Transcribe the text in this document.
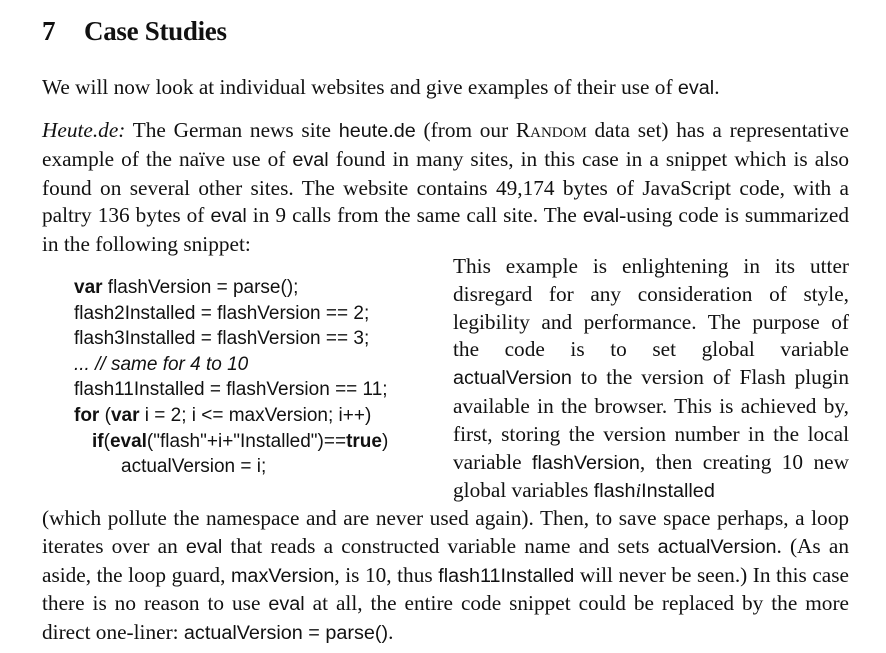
7 Case Studies

We will now look at individual websites and give examples of their use of eval.

Heute.de: The German news site heute.de (from our Random data set) has a representative example of the naïve use of eval found in many sites, in this case in a snippet which is also found on several other sites. The website contains 49,174 bytes of JavaScript code, with a paltry 136 bytes of eval in 9 calls from the same call site. The eval-using code is summarized in the following snippet:

var flashVersion = parse();
flash2Installed = flashVersion == 2;
flash3Installed = flashVersion == 3;
... // same for 4 to 10
flash11Installed = flashVersion == 11;
for (var i = 2; i <= maxVersion; i++)
if(eval("flash"+i+"Installed")==true)
actualVersion = i;

This example is enlightening in its utter disregard for any consideration of style, legibility and performance. The purpose of the code is to set global variable actualVersion to the version of Flash plugin available in the browser. This is achieved by, first, storing the version number in the local variable flashVersion, then creating 10 new global variables flashiInstalled

(which pollute the namespace and are never used again). Then, to save space perhaps, a loop iterates over an eval that reads a constructed variable name and sets actualVersion. (As an aside, the loop guard, maxVersion, is 10, thus flash11Installed will never be seen.) In this case there is no reason to use eval at all, the entire code snippet could be replaced by the more direct one-liner: actualVersion = parse().
